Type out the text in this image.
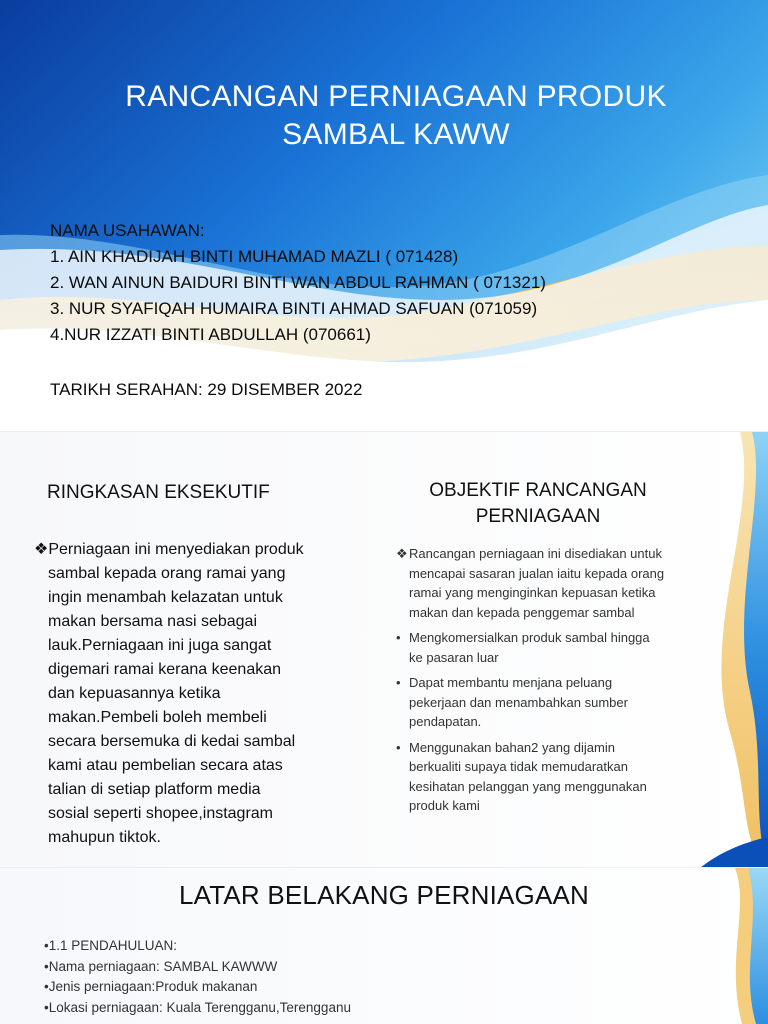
RANCANGAN PERNIAGAAN PRODUK
SAMBAL KAWW
NAMA USAHAWAN:
1. AIN KHADIJAH BINTI MUHAMAD MAZLI ( 071428)
2. WAN AINUN BAIDURI BINTI WAN ABDUL RAHMAN ( 071321)
3. NUR SYAFIQAH HUMAIRA BINTI AHMAD SAFUAN (071059)
4.NUR IZZATI BINTI ABDULLAH (070661)
TARIKH SERAHAN: 29 DISEMBER 2022
RINGKASAN EKSEKUTIF	OBJEKTIF RANCANGAN
PERNIAGAAN
❖Perniagaan ini menyediakan produk
sambal kepada orang ramai yang
ingin menambah kelazatan untuk
makan bersama nasi sebagai
lauk.Perniagaan ini juga sangat
digemari ramai kerana keenakan
dan kepuasannya ketika
makan.Pembeli boleh membeli
secara bersemuka di kedai sambal
kami atau pembelian secara atas
talian di setiap platform media
sosial seperti shopee,instagram
mahupun tiktok.
❖Rancangan perniagaan ini disediakan untuk
mencapai sasaran jualan iaitu kepada orang
ramai yang menginginkan kepuasan ketika
makan dan kepada penggemar sambal
• Mengkomersialkan produk sambal hingga
ke pasaran luar
• Dapat membantu menjana peluang
pekerjaan dan menambahkan sumber
pendapatan.
• Menggunakan bahan2 yang dijamin
berkualiti supaya tidak memudaratkan
kesihatan pelanggan yang menggunakan
produk kami
LATAR BELAKANG PERNIAGAAN
•1.1 PENDAHULUAN:
•Nama perniagaan: SAMBAL KAWWW
•Jenis perniagaan:Produk makanan
•Lokasi perniagaan: Kuala Terengganu,Terengganu
